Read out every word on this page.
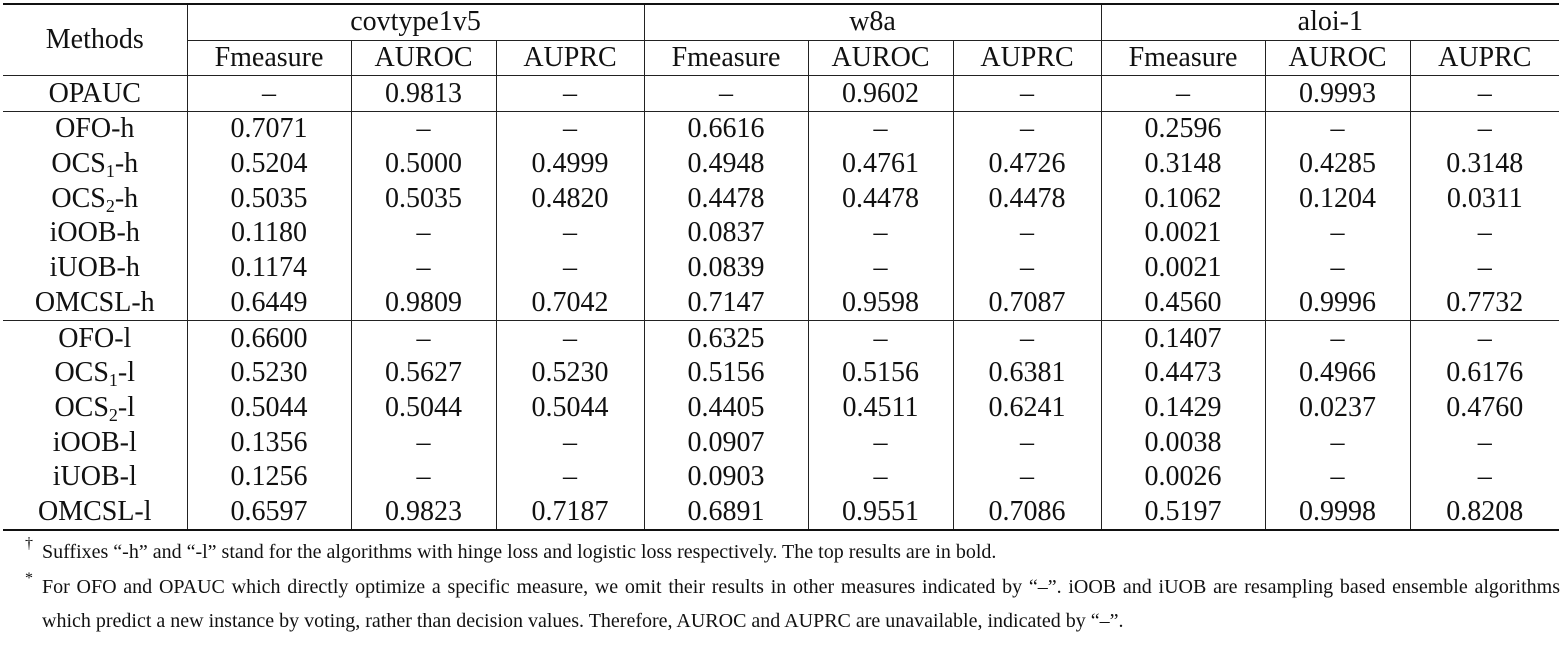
Methods	covtype1v5			w8a			aloi-1		
	Fmeasure	AUROC	AUPRC	Fmeasure	AUROC	AUPRC	Fmeasure	AUROC	AUPRC
OPAUC	–	0.9813	–	–	0.9602	–	–	0.9993	–
OFO-h	0.7071	–	–	0.6616	–	–	0.2596	–	–
$OCS_1-h$	0.5204	0.5000	0.4999	0.4948	0.4761	0.4726	0.3148	0.4285	0.3148
$OCS_2-h$	0.5035	0.5035	0.4820	0.4478	0.4478	0.4478	0.1062	0.1204	0.0311
iOOB-h	0.1180	–	–	0.0837	–	–	0.0021	–	–
iUOB-h	0.1174	–	–	0.0839	–	–	0.0021	–	–
OMCSL-h	0.6449	0.9809	0.7042	0.7147	0.9598	0.7087	0.4560	0.9996	0.7732
OFO-l	0.6600	–	–	0.6325	–	–	0.1407	–	–
$OCS_1-l$	0.5230	0.5627	0.5230	0.5156	0.5156	0.6381	0.4473	0.4966	0.6176
$OCS_2-l$	0.5044	0.5044	0.5044	0.4405	0.4511	0.6241	0.1429	0.0237	0.4760
iOOB-l	0.1356	–	–	0.0907	–	–	0.0038	–	–
iUOB-l	0.1256	–	–	0.0903	–	–	0.0026	–	–
OMCSL-l	0.6597	0.9823	0.7187	0.6891	0.9551	0.7086	0.5197	0.9998	0.8208
† Suffixes “-h” and “-l” stand for the algorithms with hinge loss and logistic loss respectively. The top results are in bold.
* For OFO and OPAUC which directly optimize a specific measure, we omit their results in other measures indicated by “–”. iOOB and iUOB are resampling based ensemble algorithms which predict a new instance by voting, rather than decision values. Therefore, AUROC and AUPRC are unavailable, indicated by “–”.
